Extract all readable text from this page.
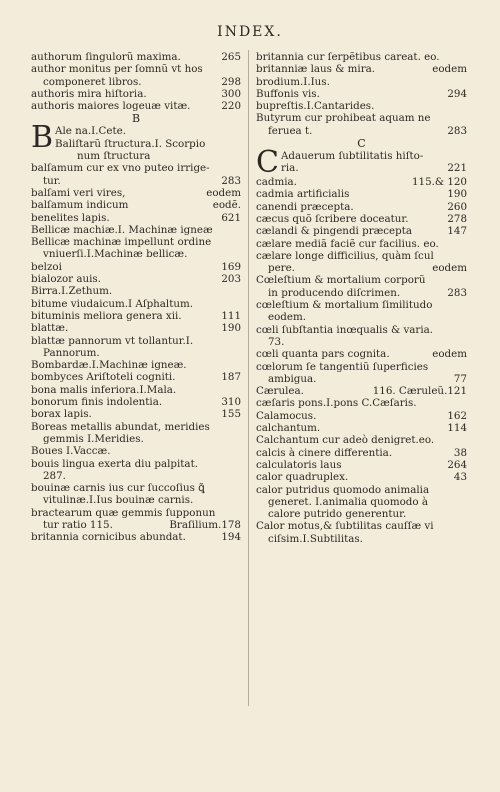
INDEX.
authorum ſingulorũ maxima.	265
author monitus per ſomnũ vt hos
componeret libros.	298
authoris mira hiſtoria.	300
authoris maiores logeuæ vitæ.	220
B
B Ale na.I.Cete.
Baliſtarũ ſtructura.I. Scorpio
num ſtructura
balſamum cur ex vno puteo irrige-
tur.	283
balſami veri vires,	eodem
balſamum indicum	eodẽ.
benelites lapis.	621
Bellicæ machiæ.I. Machinæ igneæ
Bellicæ machinæ impellunt ordine
vniuerſi.I.Machinæ bellicæ.
belzoi	169
bialozor auis.	203
Birra.I.Zethum.
bitume viudaicum.I Aſphaltum.
bituminis meliora genera xii.	111
blattæ.	190
blattæ pannorum vt tollantur.I.
Pannorum.
Bombardæ.I.Machinæ igneæ.
bombyces Ariſtoteli cogniti.	187
bona malis inferiora.I.Mala.
bonorum finis indolentia.	310
borax lapis.	155
Boreas metallis abundat, meridies
gemmis I.Meridies.
Boues I.Vaccæ.
bouis lingua exerta diu palpitat.
287.
bouinæ carnis ius cur ſuccoſius ꝗ̃
vitulinæ.I.Ius bouinæ carnis.
bractearum quæ gemmis ſupponun
tur ratio 115.	Braſilium.178
britannia cornicibus abundat.	194
britannia cur ſerpẽtibus careat. eo.
britanniæ laus & mira.	eodem
brodium.I.Ius.
Buffonis vis.	294
bupreſtis.I.Cantarides.
Butyrum cur prohibeat aquam ne
feruea t.	283
C
C Adauerum ſubtilitatis hiſto-
ria.	221
cadmia.	115.& 120
cadmia artificialis	190
canendi præcepta.	260
cæcus quõ ſcribere doceatur.	278
cælandi & pingendi præcepta	147
cælare mediã faciẽ cur facilius. eo.
cælare longe difficilius, quàm ſcul
pere.	eodem
Cœleſtium & mortalium corporũ
in producendo diſcrimen.	283
cœleſtium & mortalium ſimilitudo
eodem.
cœli ſubſtantia inœqualis & varia.
73.
cœli quanta pars cognita.	eodem
cœlorum ſe tangentiũ ſuperficies
ambigua.	77
Cærulea.	116. Cæruleũ.121
cæſaris pons.I.pons C.Cæſaris.
Calamocus.	162
calchantum.	114
Calchantum cur adeò denigret.eo.
calcis à cinere differentia.	38
calculatoris laus	264
calor quadruplex.	43
calor putridus quomodo animalia
generet. I.animalia quomodo à
calore putrido generentur.
Calor motus,& ſubtilitas cauſſæ vi
ciſsim.I.Subtilitas.
